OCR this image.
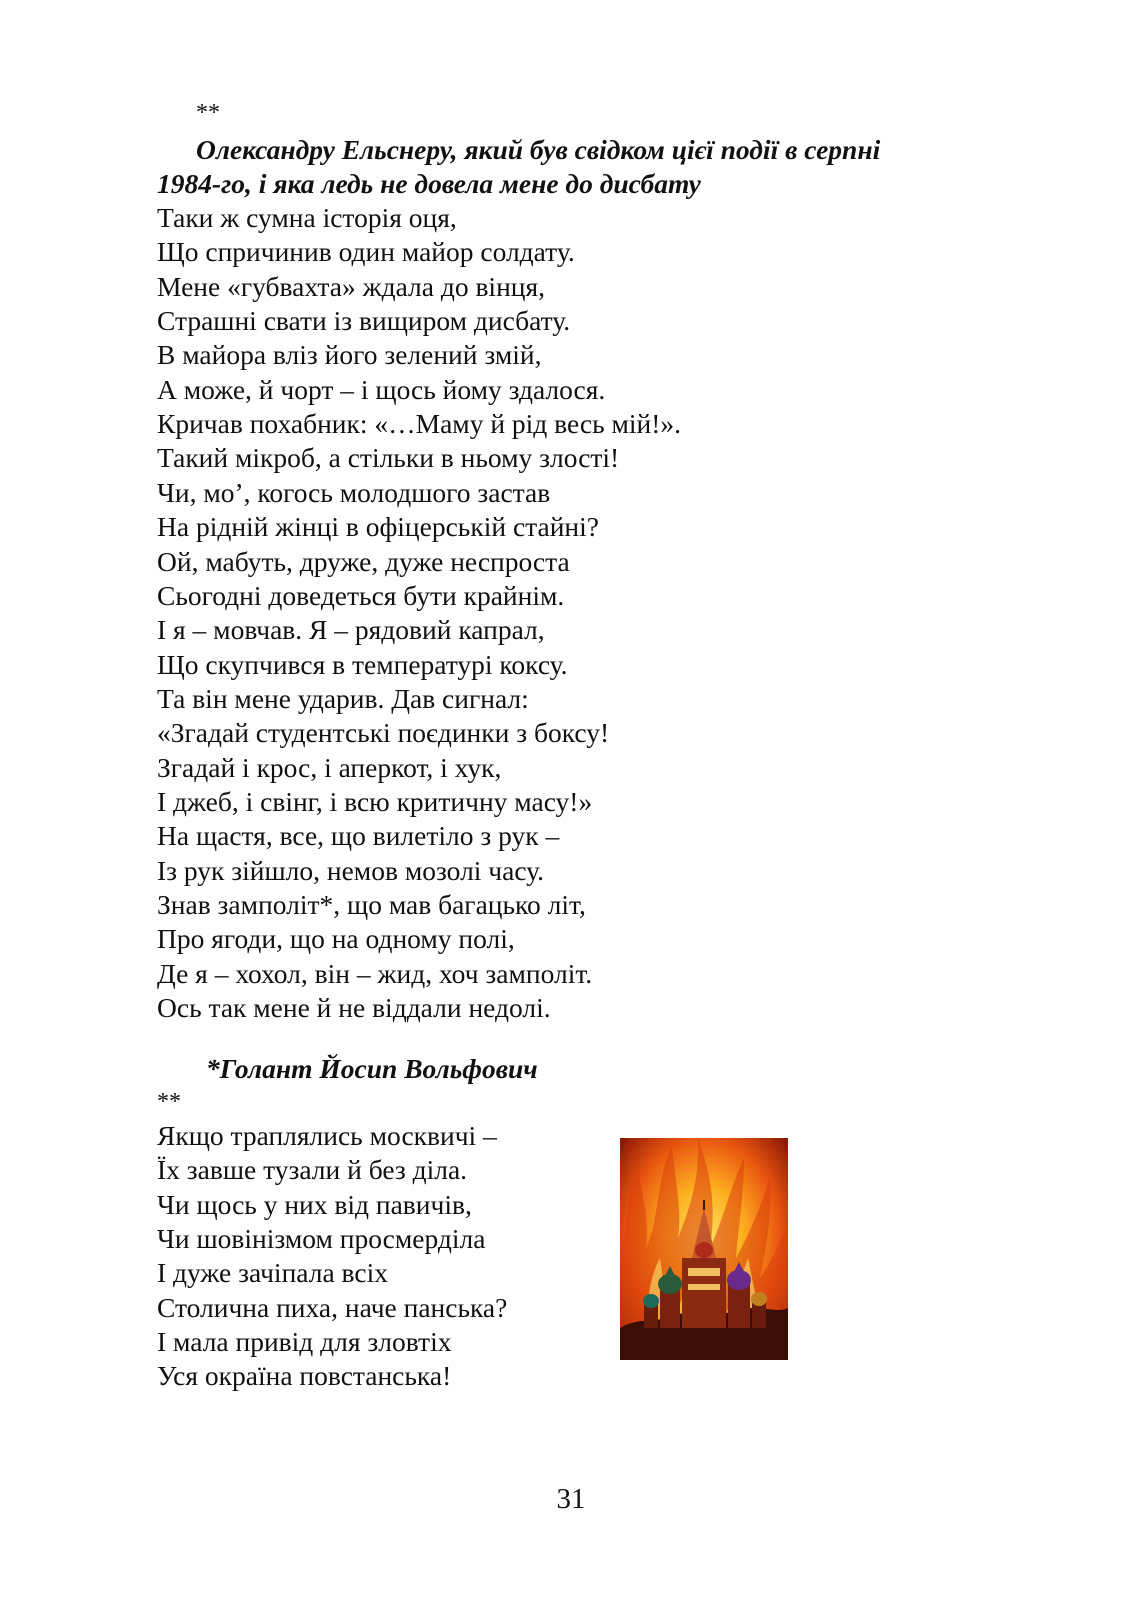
**
Олександру Ельснеру, який був свідком цієї події в серпні
1984-го, і яка ледь не довела мене до дисбату
Таки ж сумна історія оця,
Що спричинив один майор солдату.
Мене «губвахта» ждала до вінця,
Страшні свати із вищиром дисбату.
В майора вліз його зелений змій,
А може, й чорт – і щось йому здалося.
Кричав похабник: «…Маму й рід весь мій!».
Такий мікроб, а стільки в ньому злості!
Чи, мо’, когось молодшого застав
На рідній жінці в офіцерській стайні?
Ой, мабуть, друже, дуже неспроста
Сьогодні доведеться бути крайнім.
І я – мовчав. Я – рядовий капрал,
Що скупчився в температурі коксу.
Та він мене ударив. Дав сигнал:
«Згадай студентські поєдинки з боксу!
Згадай і крос, і аперкот, і хук,
І джеб, і свінг, і всю критичну масу!»
На щастя, все, що вилетіло з рук –
Із рук зійшло, немов мозолі часу.
Знав замполіт*, що мав багацько літ,
Про ягоди, що на одному полі,
Де я – хохол, він – жид, хоч замполіт.
Ось так мене й не віддали недолі.
*Голант Йосип Вольфович
**
Якщо траплялись москвичі –
Їх завше тузали й без діла.
Чи щось у них від павичів,
Чи шовінізмом просмерділа
І дуже зачіпала всіх
Столична пиха, наче панська?
І мала привід для зловтіх
Уся окраїна повстанська!
31
